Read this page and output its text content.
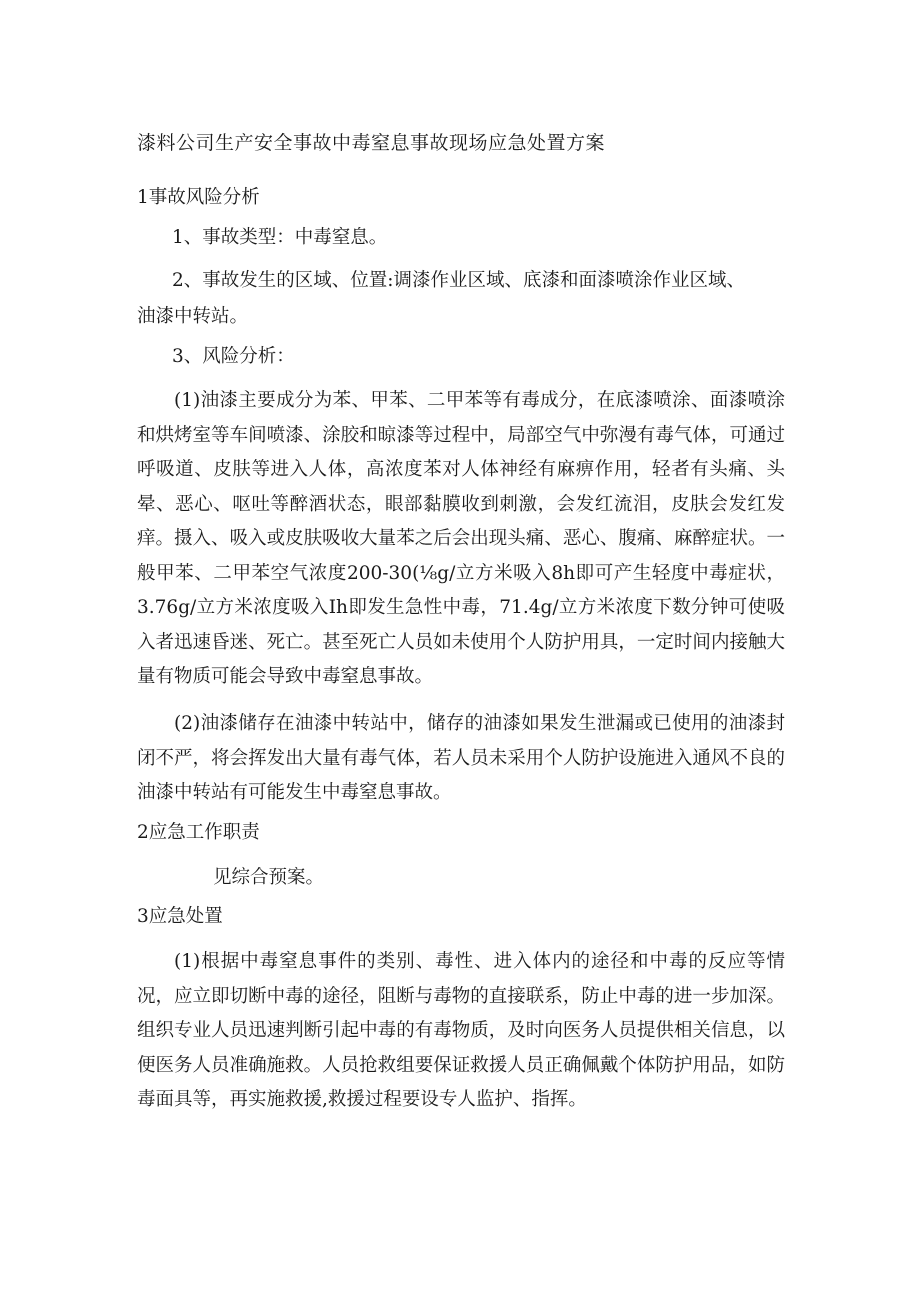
漆料公司生产安全事故中毒窒息事故现场应急处置方案
1事故风险分析
1、事故类型：中毒窒息。
2、事故发生的区域、位置:调漆作业区域、底漆和面漆喷涂作业区域、
油漆中转站。
3、风险分析：
(1)油漆主要成分为苯、甲苯、二甲苯等有毒成分，在底漆喷涂、面漆喷涂和烘烤室等车间喷漆、涂胶和晾漆等过程中，局部空气中弥漫有毒气体，可通过呼吸道、皮肤等进入人体，高浓度苯对人体神经有麻痹作用，轻者有头痛、头晕、恶心、呕吐等醉酒状态，眼部黏膜收到刺激，会发红流泪，皮肤会发红发痒。摄入、吸入或皮肤吸收大量苯之后会出现头痛、恶心、腹痛、麻醉症状。一般甲苯、二甲苯空气浓度200-30(⅛g/立方米吸入8h即可产生轻度中毒症状，3.76g/立方米浓度吸入Ih即发生急性中毒，71.4g/立方米浓度下数分钟可使吸入者迅速昏迷、死亡。甚至死亡人员如未使用个人防护用具，一定时间内接触大量有物质可能会导致中毒窒息事故。
(2)油漆储存在油漆中转站中，储存的油漆如果发生泄漏或已使用的油漆封闭不严，将会挥发出大量有毒气体，若人员未采用个人防护设施进入通风不良的油漆中转站有可能发生中毒窒息事故。
2应急工作职责
见综合预案。
3应急处置
(1)根据中毒窒息事件的类别、毒性、进入体内的途径和中毒的反应等情况，应立即切断中毒的途径，阻断与毒物的直接联系，防止中毒的进一步加深。组织专业人员迅速判断引起中毒的有毒物质，及时向医务人员提供相关信息，以便医务人员准确施救。人员抢救组要保证救援人员正确佩戴个体防护用品，如防毒面具等，再实施救援,救援过程要设专人监护、指挥。
